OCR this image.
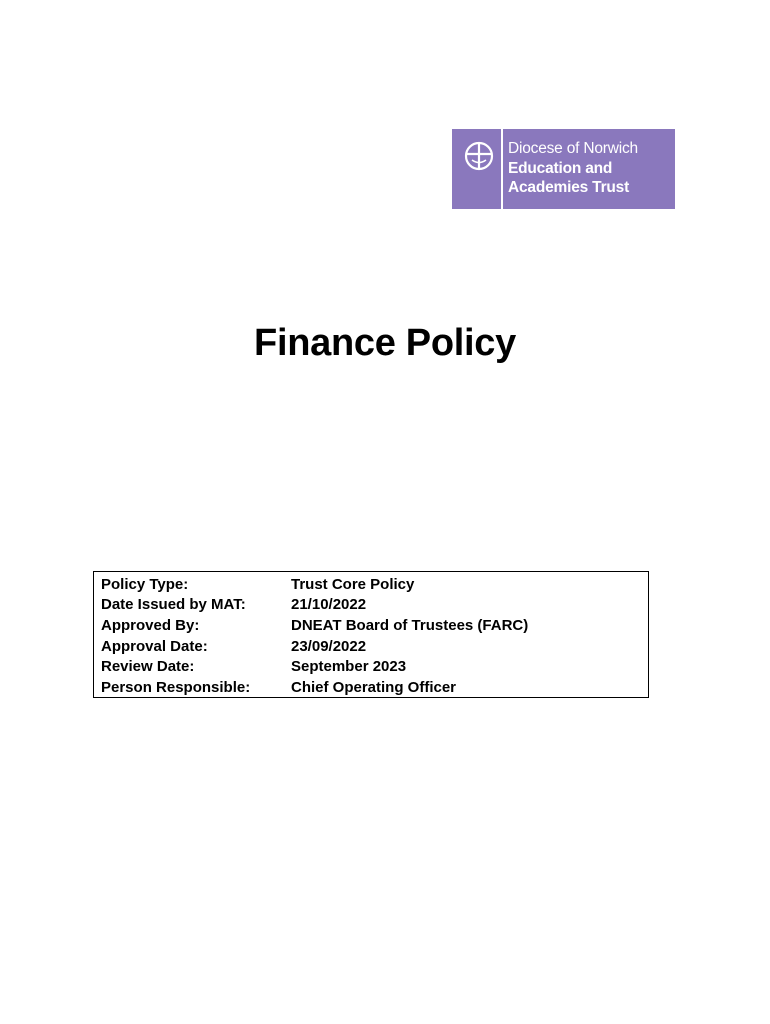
Diocese of Norwich
Education and
Academies Trust
Finance Policy
Policy Type:	Trust Core Policy
Date Issued by MAT:	21/10/2022
Approved By:	DNEAT Board of Trustees (FARC)
Approval Date:	23/09/2022
Review Date:	September 2023
Person Responsible:	Chief Operating Officer
